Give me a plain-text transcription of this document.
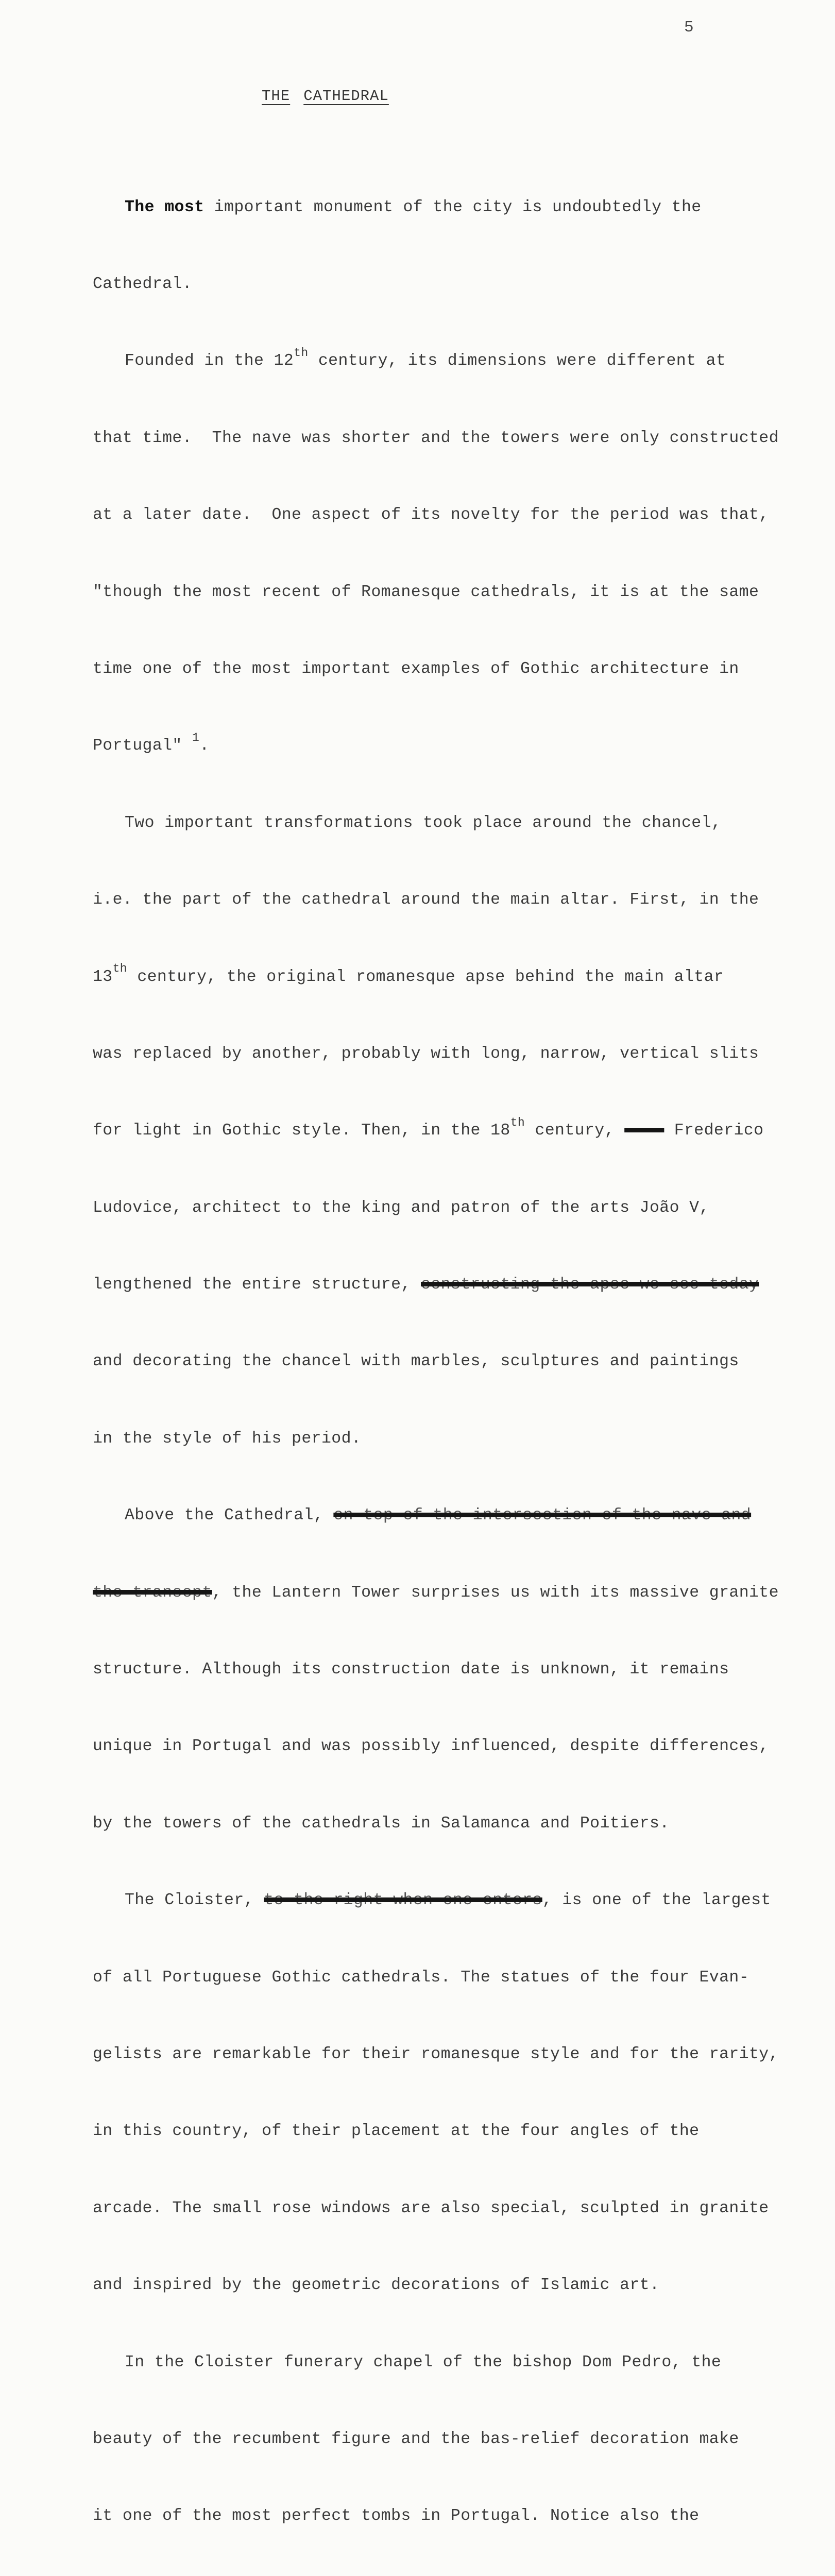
5
THE CATHEDRAL

The most important monument of the city is undoubtedly the

Cathedral.

Founded in the 12th century, its dimensions were different at

that time.  The nave was shorter and the towers were only constructed

at a later date.  One aspect of its novelty for the period was that,

"though the most recent of Romanesque cathedrals, it is at the same

time one of the most important examples of Gothic architecture in

Portugal" $^1$.

Two important transformations took place around the chancel,

i.e. the part of the cathedral around the main altar. First, in the

13th century, the original romanesque apse behind the main altar

was replaced by another, probably with long, narrow, vertical slits

for light in Gothic style. Then, in the 18th century,      Frederico

Ludovice, architect to the king and patron of the arts João V,

lengthened the entire structure, constructing the apse we see today

and decorating the chancel with marbles, sculptures and paintings

in the style of his period.

Above the Cathedral, on top of the intersection of the nave and

the transept, the Lantern Tower surprises us with its massive granite

structure. Although its construction date is unknown, it remains

unique in Portugal and was possibly influenced, despite differences,

by the towers of the cathedrals in Salamanca and Poitiers.

The Cloister, to the right when one enters, is one of the largest

of all Portuguese Gothic cathedrals. The statues of the four Evan-

gelists are remarkable for their romanesque style and for the rarity,

in this country, of their placement at the four angles of the

arcade. The small rose windows are also special, sculpted in granite

and inspired by the geometric decorations of Islamic art.

In the Cloister funerary chapel of the bishop Dom Pedro, the

beauty of the recumbent figure and the bas-relief decoration make

it one of the most perfect tombs in Portugal. Notice also the
